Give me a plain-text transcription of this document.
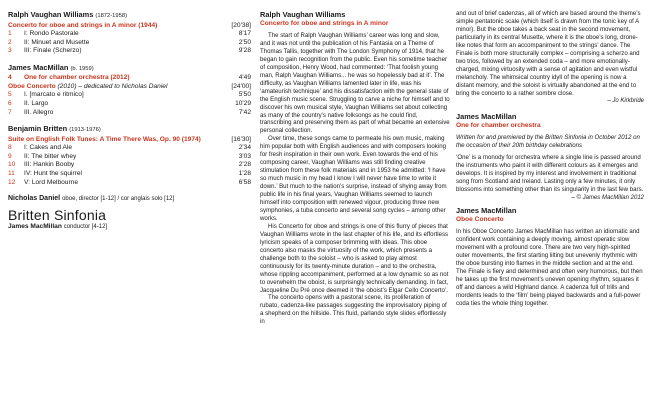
Ralph Vaughan Williams (1872-1958)
Concerto for oboe and strings in A minor (1944)	[20'38]
1	I: Rondo Pastorale	8'17
2	II: Minuet and Musette	2'50
3	III: Finale (Scherzo)	9'28
James MacMillan (b. 1959)
4	One for chamber orchestra (2012)	4'49
Oboe Concerto (2010) – dedicated to Nicholas Daniel	[24'00]
5	I. [marcato e ritmico]	5'50
6	II. Largo	10'29
7	III. Allegro	7'42
Benjamin Britten (1913-1976)
Suite on English Folk Tunes: A Time There Was, Op. 90 (1974)	[16'30]
8	I: Cakes and Ale	2'34
9	II: The bitter whey	3'03
10	III: Hankin Booby	2'28
11	IV: Hunt the squirrel	1'28
12	V: Lord Melbourne	6'58
Nicholas Daniel oboe, director [1-12] / cor anglais solo [12]
Britten Sinfonia
James MacMillan conductor [4-12]
Ralph Vaughan Williams
Concerto for oboe and strings in A minor

The start of Ralph Vaughan Williams’ career was long and slow, and it was not until the publication of his Fantasia on a Theme of Thomas Tallis, together with The London Symphony of 1914, that he began to gain recognition from the public. Even his sometime teacher of composition, Henry Wood, had commented: ‘That foolish young man, Ralph Vaughan Williams... he was so hopelessly bad at it’. The difficulty, as Vaughan Williams lamented later in life, was his ‘amateurish technique’ and his dissatisfaction with the general state of the English music scene. Struggling to carve a niche for himself and to discover his own musical style, Vaughan Williams set about collecting as many of the country’s native folksongs as he could find, transcribing and preserving them as part of what became an extensive personal collection.

Over time, these songs came to permeate his own music, making him popular both with English audiences and with composers looking for fresh inspiration in their own work. Even towards the end of his composing career, Vaughan Williams was still finding creative stimulation from these folk materials and in 1953 he admitted: ‘I have so much music in my head I know I will never have time to write it down.’ But much to the nation’s surprise, instead of shying away from public life in his final years, Vaughan Williams seemed to launch himself into composition with renewed vigour, producing three new symphonies, a tuba concerto and several song cycles – among other works.

His Concerto for oboe and strings is one of this flurry of pieces that Vaughan Williams wrote in the last chapter of his life, and its effortless lyricism speaks of a composer brimming with ideas. This oboe concerto also masks the virtuosity of the work, which presents a challenge both to the soloist – who is asked to play almost continuously for its twenty-minute duration – and to the orchestra, whose rippling accompaniment, performed at a low dynamic so as not to overwhelm the oboist, is surprisingly technically demanding. In fact, Jacqueline Du Pré once deemed it ‘the oboist’s Elgar Cello Concerto’.

The concerto opens with a pastoral scene, its proliferation of rubato, cadenza-like passages suggesting the improvisatory piping of a shepherd on the hillside. This fluid, parlando style slides effortlessly in

and out of brief cadenzas, all of which are based around the theme’s simple pentatonic scale (which itself is drawn from the tonic key of A minor). But the oboe takes a back seat in the second movement, particularly in its central Musette, where it is the oboe’s long, drone-like notes that form an accompaniment to the strings’ dance. The Finale is both more structurally complex – comprising a scherzo and two trios, followed by an extended coda – and more emotionally-charged, mixing virtuosity with a sense of agitation and even wistful melancholy. The whimsical country idyll of the opening is now a distant memory, and the soloist is virtually abandoned at the end to bring the concerto to a rather sombre close.

– Jo Kirkbride
James MacMillan
One for chamber orchestra

Written for and premiered by the Britten Sinfonia in October 2012 on the occasion of their 20th birthday celebrations

‘One’ is a monody for orchestra where a single line is passed around the instruments who paint it with different colours as it emerges and develops. It is inspired by my interest and involvement in traditional song from Scotland and Ireland. Lasting only a few minutes, it only blossoms into something other than its singularity in the last few bars.

– © James MacMillan 2012
James MacMillan
Oboe Concerto

In his Oboe Concerto James MacMillan has written an idiomatic and confident work containing a deeply moving, almost operatic slow movement with a profound core. There are two very high-spirited outer movements, the first starting lilting but unevenly rhythmic with the oboe bursting into flames in the middle section and at the end. The Finale is fiery and determined and often very humorous, but then he takes up the first movement’s uneven opening rhythm, squares it off and dances a wild Highland dance. A cadenza full of trills and mordents leads to the ‘film’ being played backwards and a full-power coda ties the whole thing together.
